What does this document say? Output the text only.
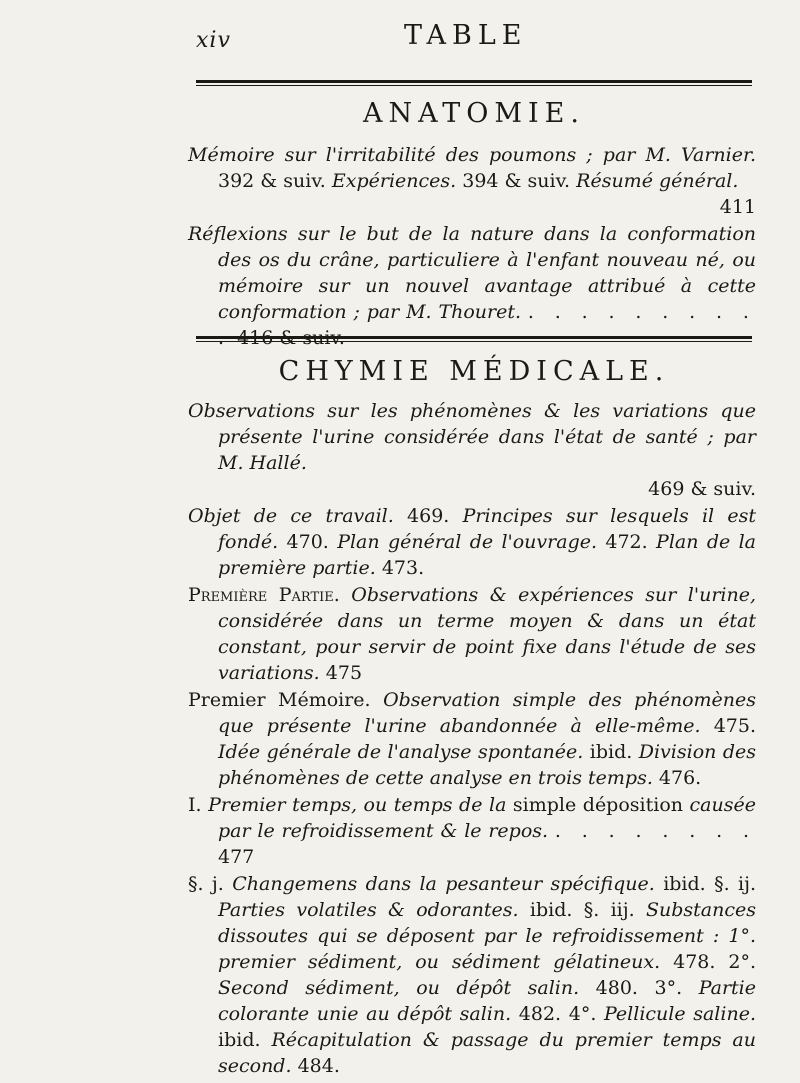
xiv	TABLE
ANATOMIE.

Mémoire sur l'irritabilité des poumons ; par M. Varnier. 392 & suiv. Expériences. 394 & suiv. Résumé général.
411

Réflexions sur le but de la nature dans la conformation des os du crâne, particuliere à l'enfant nouveau né, ou mémoire sur un nouvel avantage attribué à cette conformation ; par M. Thouret. . . . . . . . . . . 416 & suiv.

CHYMIE MÉDICALE.

Observations sur les phénomènes & les variations que présente l'urine considérée dans l'état de santé ; par M. Hallé.
469 & suiv.

Objet de ce travail. 469. Principes sur lesquels il est fondé. 470. Plan général de l'ouvrage. 472. Plan de la première partie. 473.

Première Partie. Observations & expériences sur l'urine, considérée dans un terme moyen & dans un état constant, pour servir de point fixe dans l'étude de ses variations. 475

Premier Mémoire. Observation simple des phénomènes que présente l'urine abandonnée à elle-même. 475. Idée générale de l'analyse spontanée. ibid. Division des phénomènes de cette analyse en trois temps. 476.

I. Premier temps, ou temps de la simple déposition causée par le refroidissement & le repos. . . . . . . . . 477

§. j. Changemens dans la pesanteur spécifique. ibid. §. ij. Parties volatiles & odorantes. ibid. §. iij. Substances dissoutes qui se déposent par le refroidissement : 1°. premier sédiment, ou sédiment gélatineux. 478. 2°. Second sédiment, ou dépôt salin. 480. 3°. Partie colorante unie au dépôt salin. 482. 4°. Pellicule saline. ibid. Récapitulation & passage du premier temps au second. 484.
